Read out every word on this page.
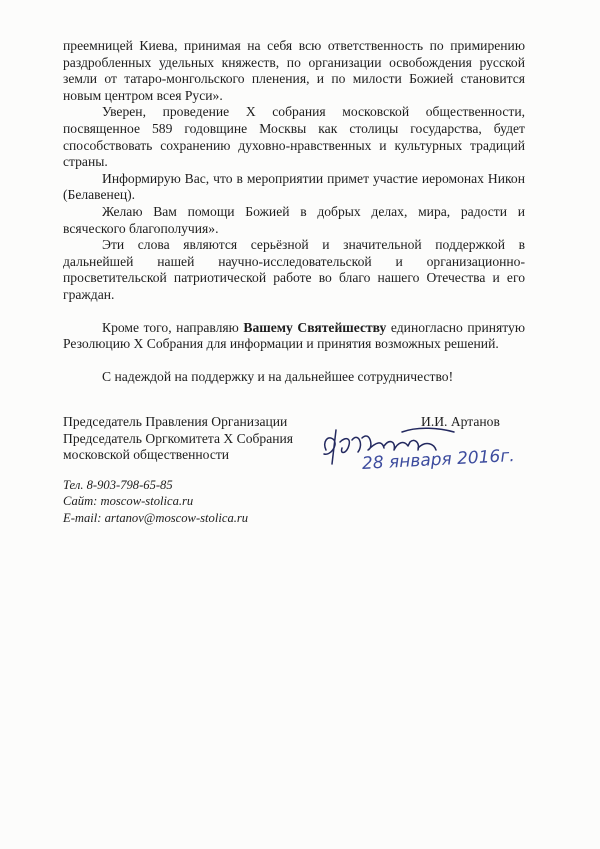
преемницей Киева, принимая на себя всю ответственность по примирению раздробленных удельных княжеств, по организации освобождения русской земли от татаро-монгольского пленения, и по милости Божией становится новым центром всея Руси».

Уверен, проведение Х собрания московской общественности, посвященное 589 годовщине Москвы как столицы государства, будет способствовать сохранению духовно-нравственных и культурных традиций страны.

Информирую Вас, что в мероприятии примет участие иеромонах Никон (Белавенец).

Желаю Вам помощи Божией в добрых делах, мира, радости и всяческого благополучия».

Эти слова являются серьёзной и значительной поддержкой в дальнейшей нашей научно-исследовательской и организационно-просветительской патриотической работе во благо нашего Отечества и его граждан.

Кроме того, направляю Вашему Святейшеству единогласно принятую Резолюцию Х Собрания для информации и принятия возможных решений.

С надеждой на поддержку и на дальнейшее сотрудничество!

Председатель Правления Организации
Председатель Оргкомитета Х Собрания
московской общественности
И.И. Артанов
28 января 2016г.
Тел. 8-903-798-65-85
Сайт: moscow-stolica.ru
E-mail: artanov@moscow-stolica.ru
